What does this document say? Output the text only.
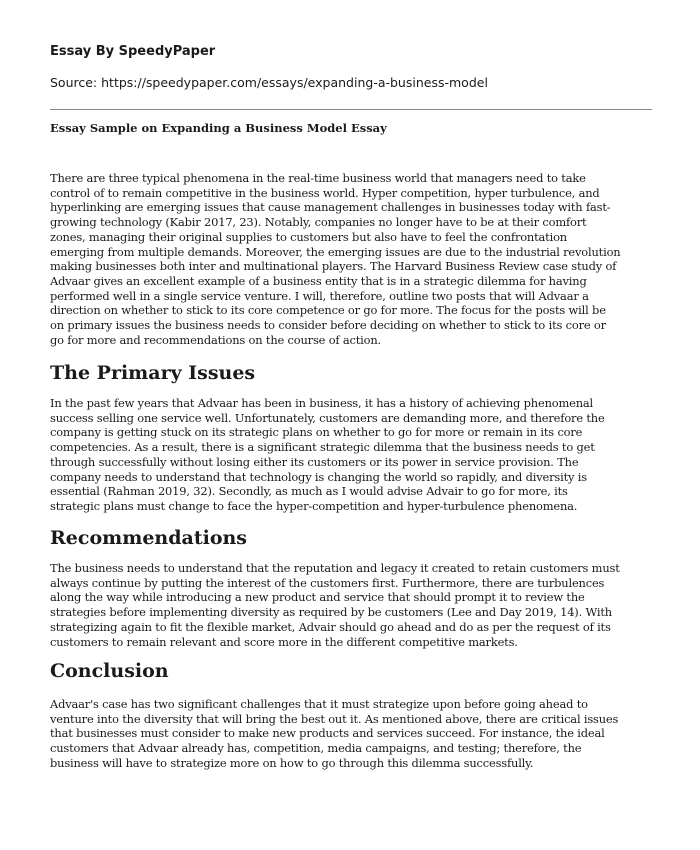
Essay By SpeedyPaper
Source: https://speedypaper.com/essays/expanding-a-business-model
Essay Sample on Expanding a Business Model Essay

There are three typical phenomena in the real-time business world that managers need to take
control of to remain competitive in the business world. Hyper competition, hyper turbulence, and
hyperlinking are emerging issues that cause management challenges in businesses today with fast-
growing technology (Kabir 2017, 23). Notably, companies no longer have to be at their comfort
zones, managing their original supplies to customers but also have to feel the confrontation
emerging from multiple demands. Moreover, the emerging issues are due to the industrial revolution
making businesses both inter and multinational players. The Harvard Business Review case study of
Advaar gives an excellent example of a business entity that is in a strategic dilemma for having
performed well in a single service venture. I will, therefore, outline two posts that will Advaar a
direction on whether to stick to its core competence or go for more. The focus for the posts will be
on primary issues the business needs to consider before deciding on whether to stick to its core or
go for more and recommendations on the course of action.

The Primary Issues

In the past few years that Advaar has been in business, it has a history of achieving phenomenal
success selling one service well. Unfortunately, customers are demanding more, and therefore the
company is getting stuck on its strategic plans on whether to go for more or remain in its core
competencies. As a result, there is a significant strategic dilemma that the business needs to get
through successfully without losing either its customers or its power in service provision. The
company needs to understand that technology is changing the world so rapidly, and diversity is
essential (Rahman 2019, 32). Secondly, as much as I would advise Advair to go for more, its
strategic plans must change to face the hyper-competition and hyper-turbulence phenomena.

Recommendations

The business needs to understand that the reputation and legacy it created to retain customers must
always continue by putting the interest of the customers first. Furthermore, there are turbulences
along the way while introducing a new product and service that should prompt it to review the
strategies before implementing diversity as required by be customers (Lee and Day 2019, 14). With
strategizing again to fit the flexible market, Advair should go ahead and do as per the request of its
customers to remain relevant and score more in the different competitive markets.

Conclusion

Advaar's case has two significant challenges that it must strategize upon before going ahead to
venture into the diversity that will bring the best out it. As mentioned above, there are critical issues
that businesses must consider to make new products and services succeed. For instance, the ideal
customers that Advaar already has, competition, media campaigns, and testing; therefore, the
business will have to strategize more on how to go through this dilemma successfully.
